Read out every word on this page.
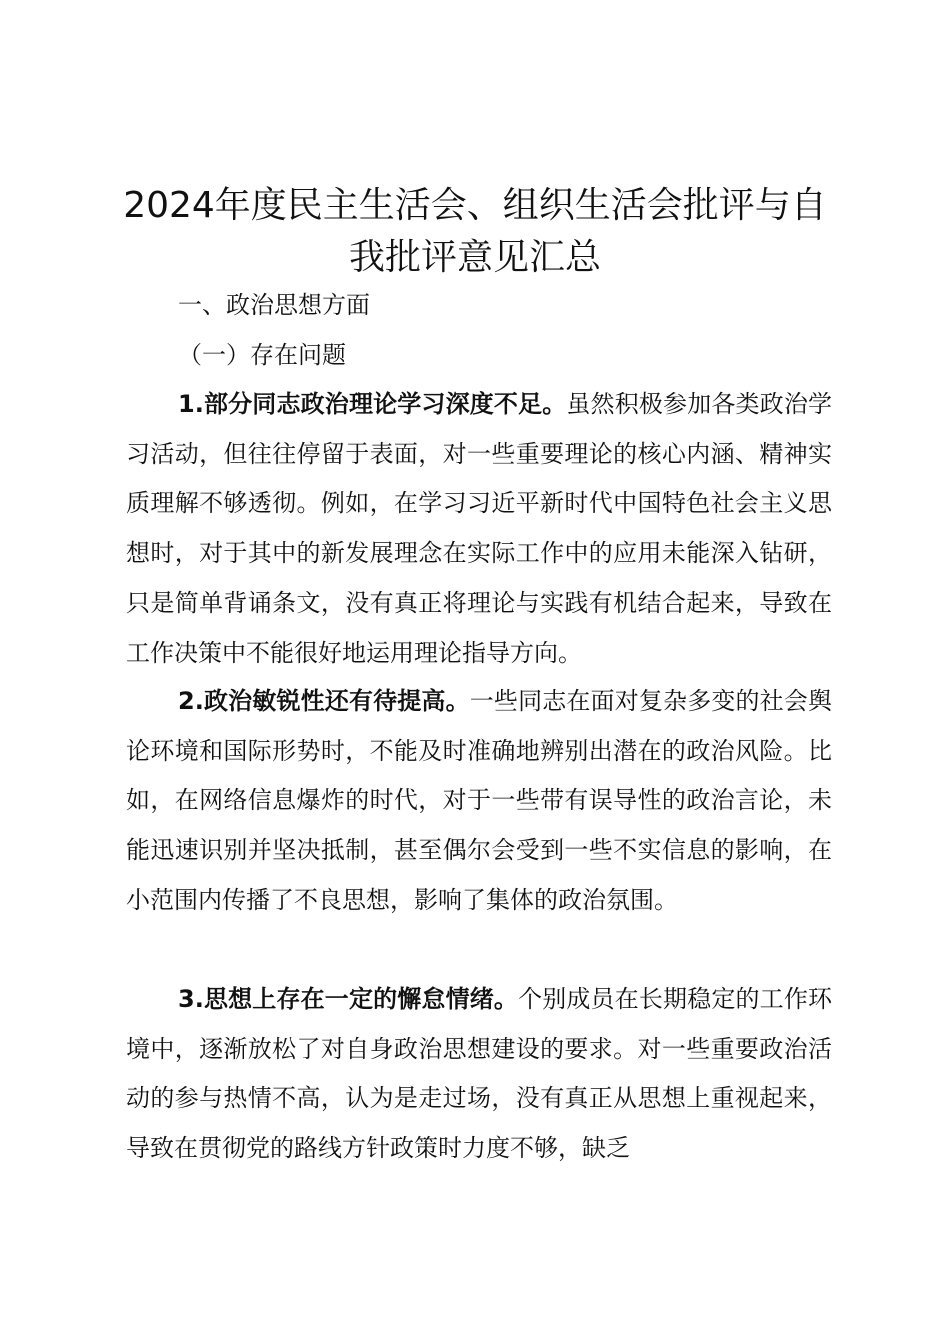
2024年度民主生活会、组织生活会批评与自我批评意见汇总

一、政治思想方面

（一）存在问题

1.部分同志政治理论学习深度不足。虽然积极参加各类政治学习活动，但往往停留于表面，对一些重要理论的核心内涵、精神实质理解不够透彻。例如，在学习习近平新时代中国特色社会主义思想时，对于其中的新发展理念在实际工作中的应用未能深入钻研，只是简单背诵条文，没有真正将理论与实践有机结合起来，导致在工作决策中不能很好地运用理论指导方向。

2.政治敏锐性还有待提高。一些同志在面对复杂多变的社会舆论环境和国际形势时，不能及时准确地辨别出潜在的政治风险。比如，在网络信息爆炸的时代，对于一些带有误导性的政治言论，未能迅速识别并坚决抵制，甚至偶尔会受到一些不实信息的影响，在小范围内传播了不良思想，影响了集体的政治氛围。

3.思想上存在一定的懈怠情绪。个别成员在长期稳定的工作环境中，逐渐放松了对自身政治思想建设的要求。对一些重要政治活动的参与热情不高，认为是走过场，没有真正从思想上重视起来，导致在贯彻党的路线方针政策时力度不够，缺乏
